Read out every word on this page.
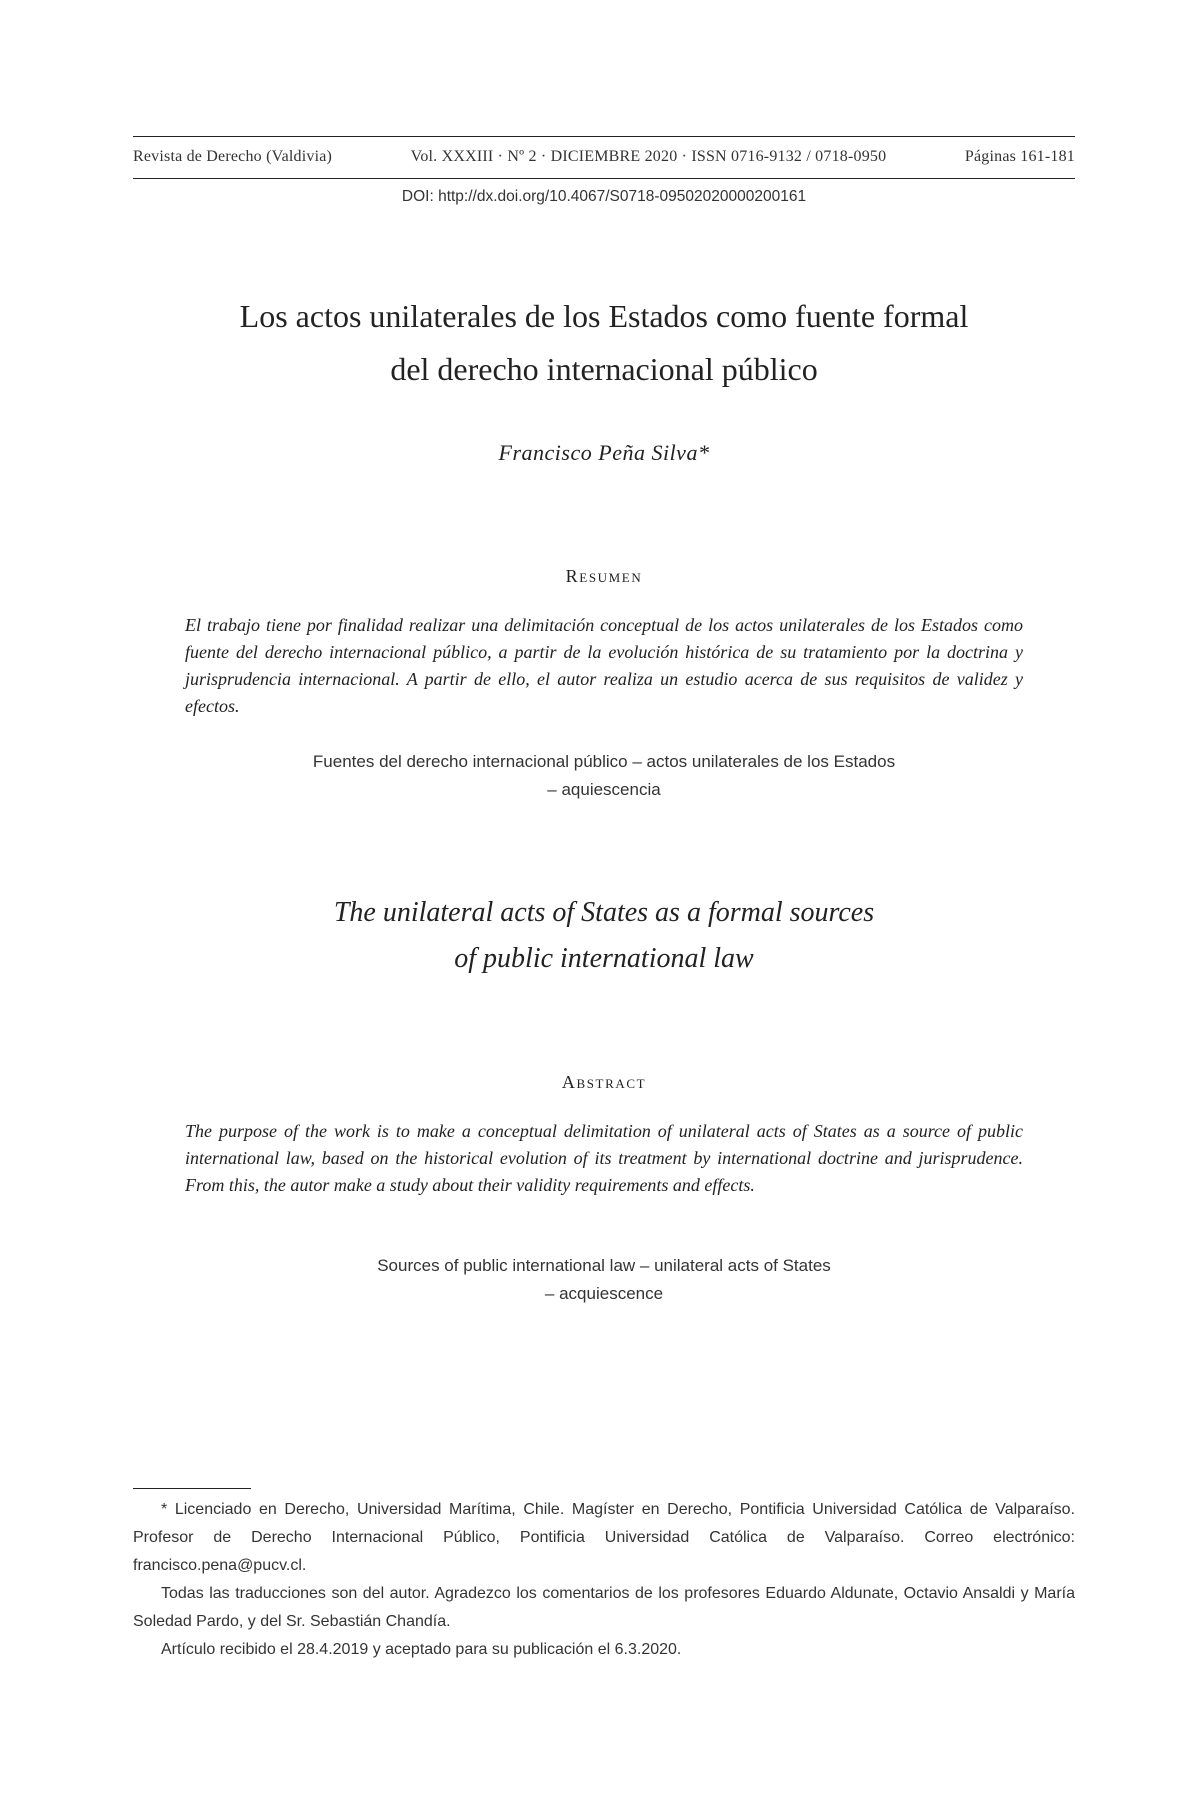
Revista de Derecho (Valdivia)	Vol. XXXIII · Nº 2 · DICIEMBRE 2020 · ISSN 0716-9132 / 0718-0950	Páginas 161-181
DOI: http://dx.doi.org/10.4067/S0718-09502020000200161
Los actos unilaterales de los Estados como fuente formal
del derecho internacional público
Francisco Peña Silva*
Resumen
El trabajo tiene por finalidad realizar una delimitación conceptual de los actos unilaterales de los Estados como fuente del derecho internacional público, a partir de la evolución histórica de su tratamiento por la doctrina y jurisprudencia internacional. A partir de ello, el autor realiza un estudio acerca de sus requisitos de validez y efectos.
Fuentes del derecho internacional público – actos unilaterales de los Estados
– aquiescencia
The unilateral acts of States as a formal sources
of public international law
Abstract
The purpose of the work is to make a conceptual delimitation of unilateral acts of States as a source of public international law, based on the historical evolution of its treatment by international doctrine and jurisprudence. From this, the autor make a study about their validity requirements and effects.
Sources of public international law – unilateral acts of States
– acquiescence

* Licenciado en Derecho, Universidad Marítima, Chile. Magíster en Derecho, Pontificia Universidad Católica de Valparaíso. Profesor de Derecho Internacional Público, Pontificia Universidad Católica de Valparaíso. Correo electrónico: francisco.pena@pucv.cl.

Todas las traducciones son del autor. Agradezco los comentarios de los profesores Eduardo Aldunate, Octavio Ansaldi y María Soledad Pardo, y del Sr. Sebastián Chandía.

Artículo recibido el 28.4.2019 y aceptado para su publicación el 6.3.2020.
